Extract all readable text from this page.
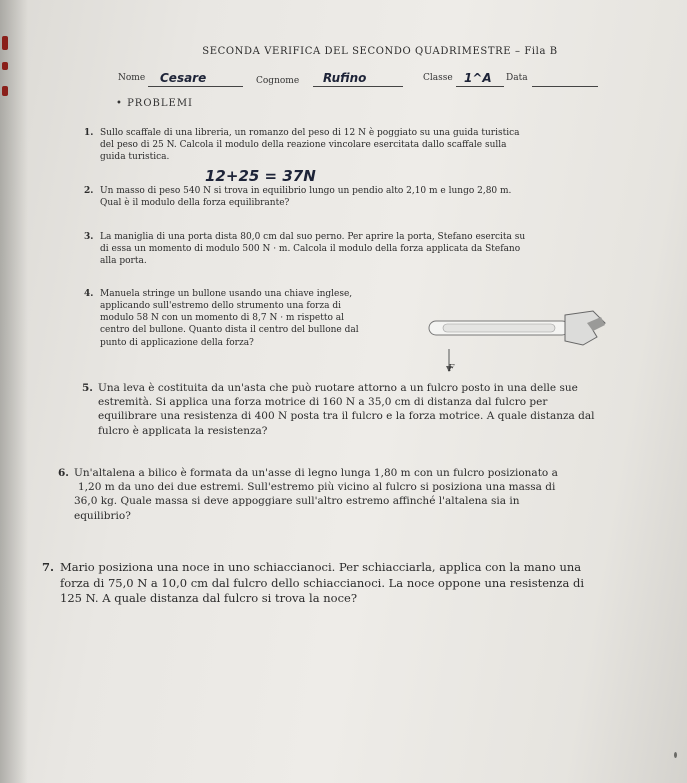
SECONDA VERIFICA DEL SECONDO QUADRIMESTRE – Fila B
Nome Cesare	Cognome Rufino	Classe 1^A Data
• PROBLEMI
1. Sullo scaffale di una libreria, un romanzo del peso di 12 N è poggiato su una guida turistica
del peso di 25 N. Calcola il modulo della reazione vincolare esercitata dallo scaffale sulla
guida turistica.
12+25 = 37N
2. Un masso di peso 540 N si trova in equilibrio lungo un pendio alto 2,10 m e lungo 2,80 m.
Qual è il modulo della forza equilibrante?
3. La maniglia di una porta dista 80,0 cm dal suo perno. Per aprire la porta, Stefano esercita su
di essa un momento di modulo 500 N · m. Calcola il modulo della forza applicata da Stefano
alla porta.
4. Manuela stringe un bullone usando una chiave inglese,
applicando sull'estremo dello strumento una forza di
modulo 58 N con un momento di 8,7 N · m rispetto al
centro del bullone. Quanto dista il centro del bullone dal
punto di applicazione della forza?
F
5. Una leva è costituita da un'asta che può ruotare attorno a un fulcro posto in una delle sue
estremità. Si applica una forza motrice di 160 N a 35,0 cm di distanza dal fulcro per
equilibrare una resistenza di 400 N posta tra il fulcro e la forza motrice. A quale distanza dal
fulcro è applicata la resistenza?
6. Un'altalena a bilico è formata da un'asse di legno lunga 1,80 m con un fulcro posizionato a
1,20 m da uno dei due estremi. Sull'estremo più vicino al fulcro si posiziona una massa di
36,0 kg. Quale massa si deve appoggiare sull'altro estremo affinché l'altalena sia in
equilibrio?
7. Mario posiziona una noce in uno schiaccianoci. Per schiacciarla, applica con la mano una
forza di 75,0 N a 10,0 cm dal fulcro dello schiaccianoci. La noce oppone una resistenza di
125 N. A quale distanza dal fulcro si trova la noce?
